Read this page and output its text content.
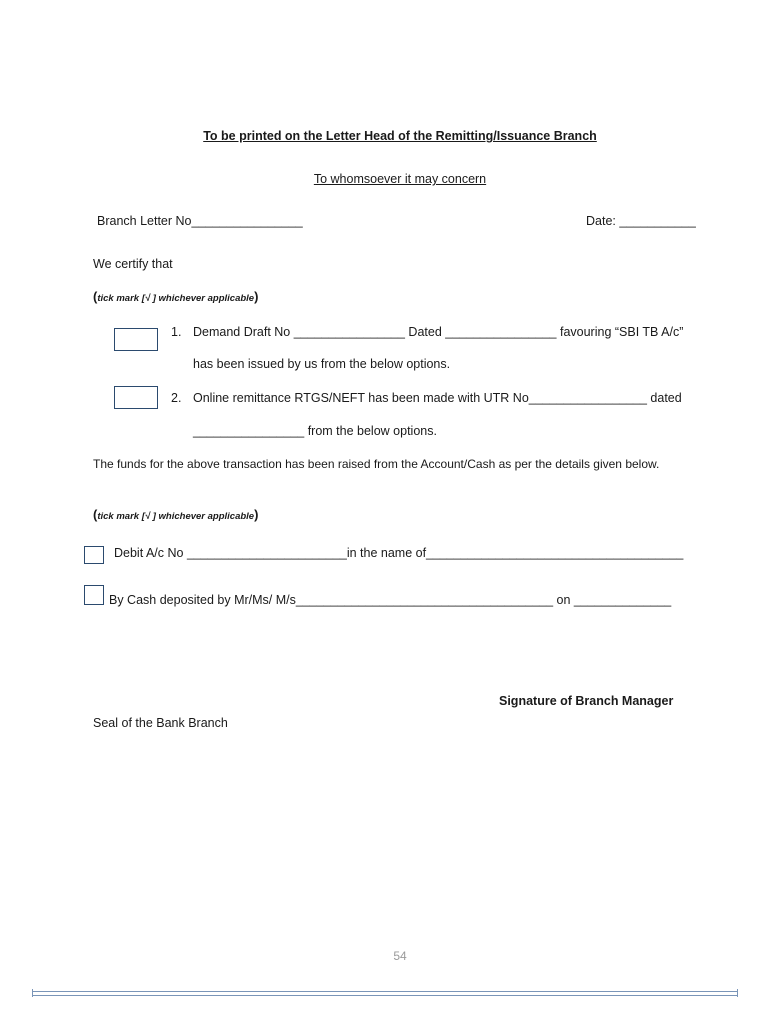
To be printed on the Letter Head of the Remitting/Issuance Branch
To whomsoever it may concern
Branch Letter No________________	Date: ___________
We certify that
(tick mark [√ ] whichever applicable)
1. Demand Draft No ________________ Dated ________________ favouring “SBI TB A/c”
has been issued by us from the below options.
2. Online remittance RTGS/NEFT has been made with UTR No_________________ dated
________________ from the below options.
The funds for the above transaction has been raised from the Account/Cash as per the details given below.
(tick mark [√ ] whichever applicable)
Debit A/c No _______________________in the name of_____________________________________
By Cash deposited by Mr/Ms/ M/s_____________________________________ on ______________
Signature of Branch Manager
Seal of the Bank Branch
54
